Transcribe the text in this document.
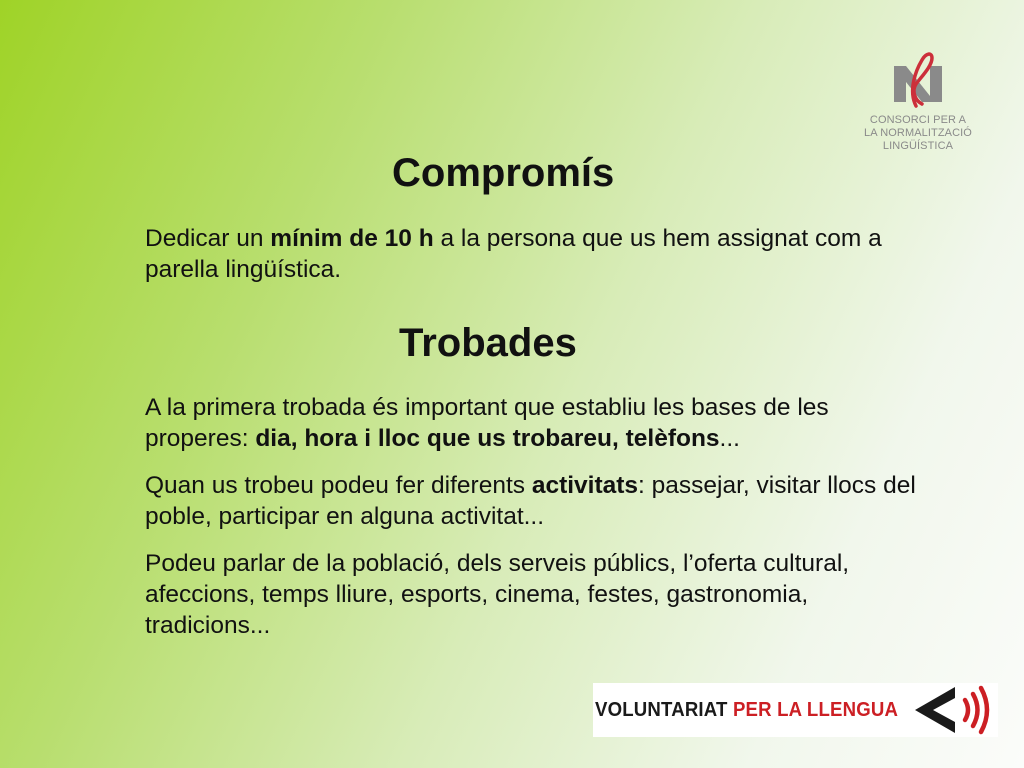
CONSORCI PER A
LA NORMALITZACIÓ
LINGÜÍSTICA
Compromís

Dedicar un mínim de 10 h a la persona que us hem assignat com a parella lingüística.

Trobades

A la primera trobada és important que establiu les bases de les properes: dia, hora i lloc que us trobareu, telèfons...

Quan us trobeu podeu fer diferents activitats: passejar, visitar llocs del poble, participar en alguna activitat...

Podeu parlar de la població, dels serveis públics, l’oferta cultural, afeccions, temps lliure, esports, cinema, festes, gastronomia, tradicions...

VOLUNTARIAT PER LA LLENGUA
